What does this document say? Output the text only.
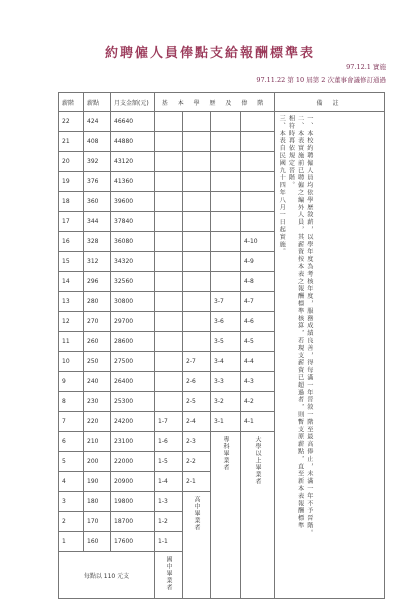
約聘僱人員俸點支給報酬標準表
97.12.1 實施
97.11.22 第 10 屆第 2 次董事會議修訂通過
薪階	薪點	月支金額(元)	基 本 學 歷 及 俸 階				備 註
22	424	46640					一、本校約聘僱人員均依學歷敘薪，以學年度為考核年度，服務成績良善，得每滿一年晉敘一階至最高俸止，未滿一年不予晉階。
二、本表實施前已聘僱之編外人員，其薪資按本表之報酬標準核算，若現支薪資已超過者，則暫支原薪點，直至新本表報酬標準
相符時再依規定晉階。
三、本表自民國九十四年八月一日起實施。

21	408	44880					
20	392	43120					
19	376	41360					
18	360	39600					
17	344	37840					
16	328	36080				4-10	
15	312	34320				4-9	
14	296	32560				4-8	
13	280	30800			3-7	4-7	
12	270	29700			3-6	4-6	
11	260	28600			3-5	4-5	
10	250	27500		2-7	3-4	4-4	
9	240	26400		2-6	3-3	4-3	
8	230	25300		2-5	3-2	4-2	
7	220	24200	1-7	2-4	3-1	4-1	
6	210	23100	1-6	2-3	專科畢業者	大學以上畢業者	
5	200	22000	1-5	2-2			
4	190	20900	1-4	2-1			
3	180	19800	1-3	高中畢業者			
2	170	18700	1-2				
1	160	17600	1-1				
每點以 110 元支			國中畢業者				
